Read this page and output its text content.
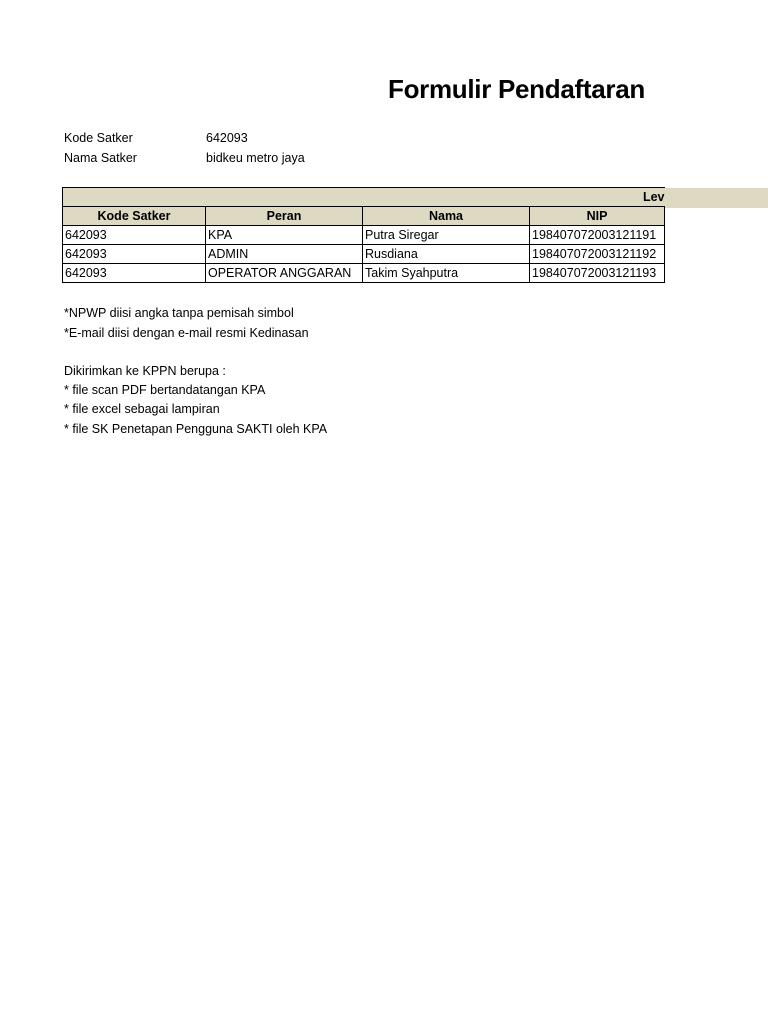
Formulir Pendaftaran
Kode Satker	642093
Nama Satker	bidkeu metro jaya
Lev			
Kode Satker	Peran	Nama	NIP
642093	KPA	Putra Siregar	198407072003121191
642093	ADMIN	Rusdiana	198407072003121192
642093	OPERATOR ANGGARAN	Takim Syahputra	198407072003121193
*NPWP diisi angka tanpa pemisah simbol
*E-mail diisi dengan e-mail resmi Kedinasan
Dikirimkan ke KPPN berupa :
* file scan PDF bertandatangan KPA
* file excel sebagai lampiran
* file SK Penetapan Pengguna SAKTI oleh KPA
